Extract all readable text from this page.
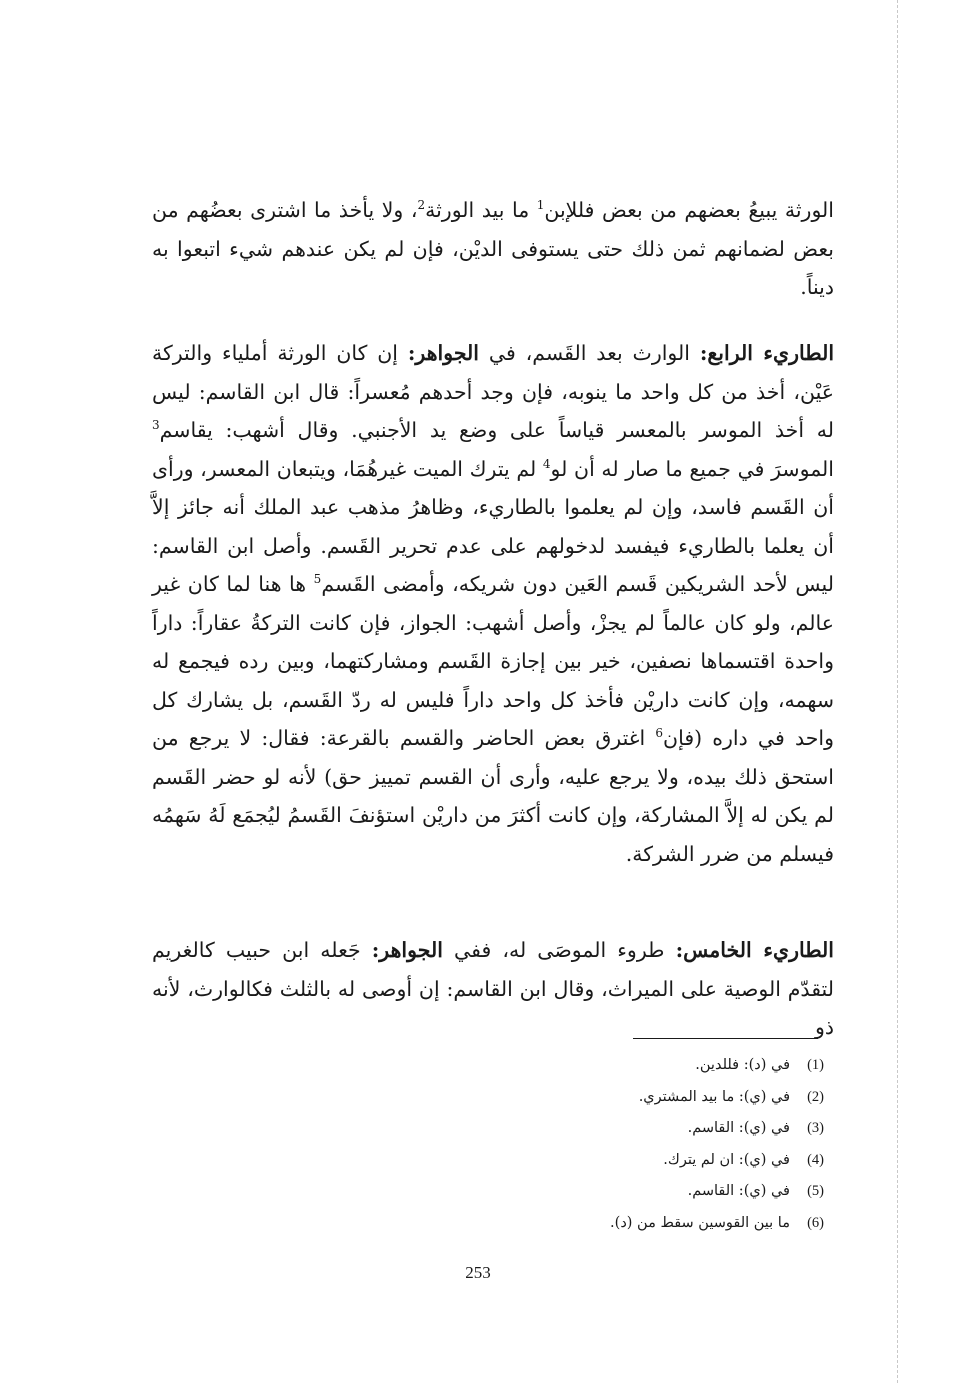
الورثة يبيعُ بعضهم من بعض فللإبن$^1$ ما بيد الورثة$^2$، ولا يأخذ ما اشترى بعضُهم من بعض لضمانهم ثمن ذلك حتى يستوفى الديْن، فإن لم يكن عندهم شيء اتبعوا به ديناً.
الطاريء الرابع: الوارث بعد القَسم، في الجواهر: إن كان الورثة أملياء والتركة عَيْن، أخذ من كل واحد ما ينوبه، فإن وجد أحدهم مُعسراً: قال ابن القاسم: ليس له أخذ الموسر بالمعسر قياساً على وضع يد الأجنبي. وقال أشهب: يقاسم$^3$ الموسرَ في جميع ما صار له أن لو$^4$ لم يترك الميت غيرهُمَا، ويتبعان المعسر، ورأى أن القَسم فاسد، وإن لم يعلموا بالطاريء، وظاهرُ مذهب عبد الملك أنه جائز إلاَّ أن يعلما بالطاريء فيفسد لدخولهم على عدم تحرير القَسم. وأصل ابن القاسم: ليس لأحد الشريكين قَسم العَين دون شريكه، وأمضى القَسم$^5$ ها هنا لما كان غير عالم، ولو كان عالماً لم يجزْ، وأصل أشهب: الجواز، فإن كانت التركةُ عقاراً: داراً واحدة اقتسماها نصفين، خير بين إجازة القَسم ومشاركتهما، وبين رده فيجمع له سهمه، وإن كانت داريْن فأخذ كل واحد داراً فليس له ردّ القَسم، بل يشارك كل واحد في داره (فإن$^6$ اغترق بعض الحاضر والقسم بالقرعة: فقال: لا يرجع من استحق ذلك بيده، ولا يرجع عليه، وأرى أن القسم تمييز حق) لأنه لو حضر القَسم لم يكن له إلاَّ المشاركة، وإن كانت أكثرَ من داريْن استؤنفَ القَسمُ ليُجمَع لَهُ سَهمُه فيسلم من ضرر الشركة.
الطاريء الخامس: طروء الموصَى له، ففي الجواهر: جَعله ابن حبيب كالغريم لتقدّم الوصية على الميراث، وقال ابن القاسم: إن أوصى له بالثلث فكالوارث، لأنه ذو
(1)في (د): فللدين.
(2)في (ي): ما بيد المشتري.
(3)في (ي): القاسم.
(4)في (ي): ان لم يترك.
(5)في (ي): القاسم.
(6)ما بين القوسين سقط من (د).
253
